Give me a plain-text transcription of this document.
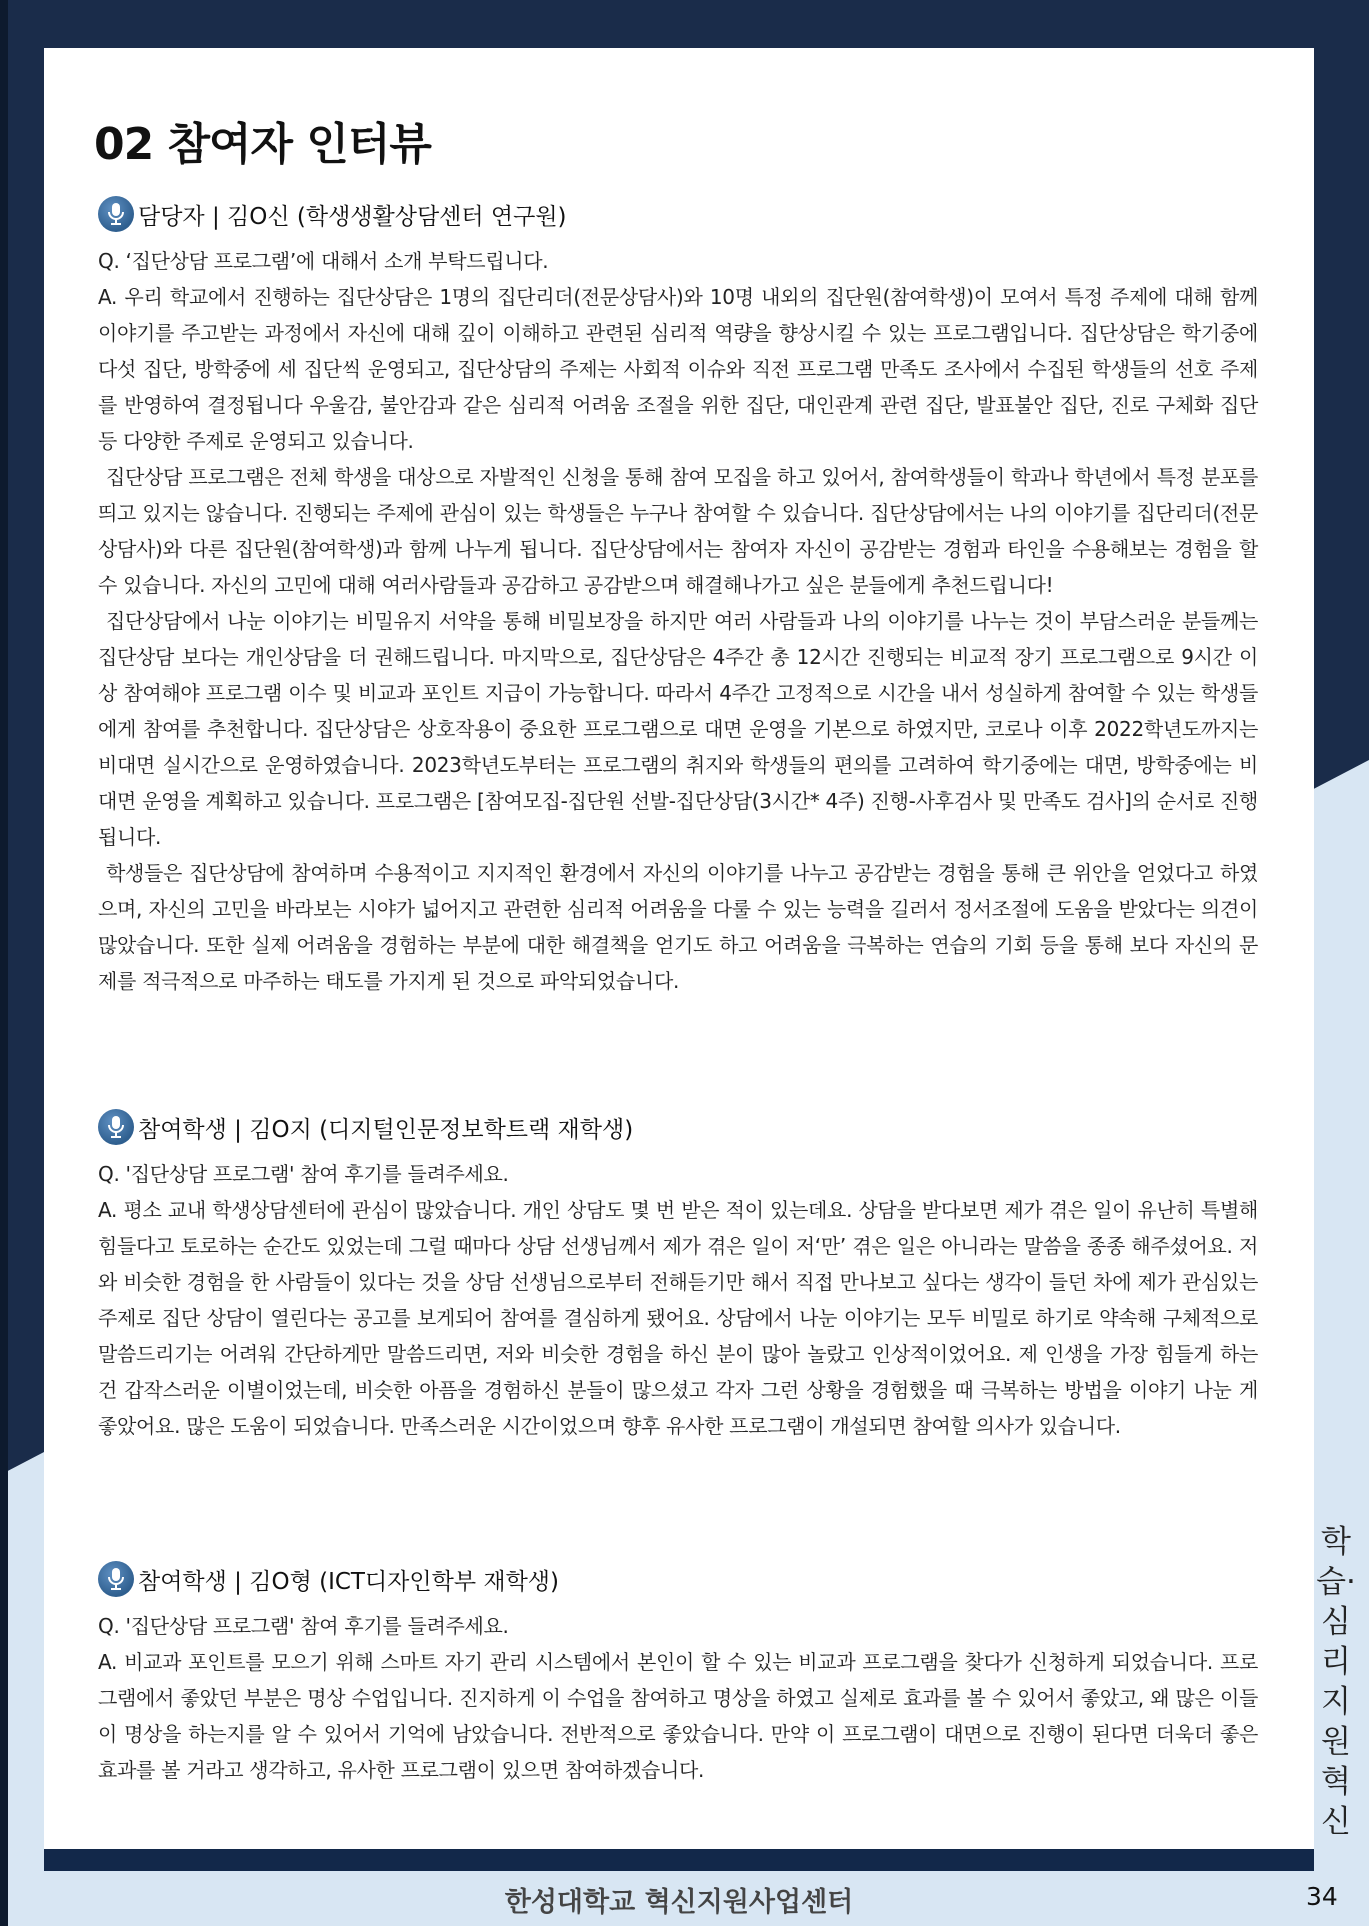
02 참여자 인터뷰
담당자 | 김O신 (학생생활상담센터 연구원)

Q. ‘집단상담 프로그램’에 대해서 소개 부탁드립니다.

A. 우리 학교에서 진행하는 집단상담은 1명의 집단리더(전문상담사)와 10명 내외의 집단원(참여학생)이 모여서 특정 주제에 대해 함께 이야기를 주고받는 과정에서 자신에 대해 깊이 이해하고 관련된 심리적 역량을 향상시킬 수 있는 프로그램입니다. 집단상담은 학기중에 다섯 집단, 방학중에 세 집단씩 운영되고, 집단상담의 주제는 사회적 이슈와 직전 프로그램 만족도 조사에서 수집된 학생들의 선호 주제를 반영하여 결정됩니다 우울감, 불안감과 같은 심리적 어려움 조절을 위한 집단, 대인관계 관련 집단, 발표불안 집단, 진로 구체화 집단 등 다양한 주제로 운영되고 있습니다.

집단상담 프로그램은 전체 학생을 대상으로 자발적인 신청을 통해 참여 모집을 하고 있어서, 참여학생들이 학과나 학년에서 특정 분포를 띄고 있지는 않습니다. 진행되는 주제에 관심이 있는 학생들은 누구나 참여할 수 있습니다. 집단상담에서는 나의 이야기를 집단리더(전문상담사)와 다른 집단원(참여학생)과 함께 나누게 됩니다. 집단상담에서는 참여자 자신이 공감받는 경험과 타인을 수용해보는 경험을 할 수 있습니다. 자신의 고민에 대해 여러사람들과 공감하고 공감받으며 해결해나가고 싶은 분들에게 추천드립니다!

집단상담에서 나눈 이야기는 비밀유지 서약을 통해 비밀보장을 하지만 여러 사람들과 나의 이야기를 나누는 것이 부담스러운 분들께는 집단상담 보다는 개인상담을 더 권해드립니다. 마지막으로, 집단상담은 4주간 총 12시간 진행되는 비교적 장기 프로그램으로 9시간 이상 참여해야 프로그램 이수 및 비교과 포인트 지급이 가능합니다. 따라서 4주간 고정적으로 시간을 내서 성실하게 참여할 수 있는 학생들에게 참여를 추천합니다. 집단상담은 상호작용이 중요한 프로그램으로 대면 운영을 기본으로 하였지만, 코로나 이후 2022학년도까지는 비대면 실시간으로 운영하였습니다. 2023학년도부터는 프로그램의 취지와 학생들의 편의를 고려하여 학기중에는 대면, 방학중에는 비대면 운영을 계획하고 있습니다. 프로그램은 [참여모집-집단원 선발-집단상담(3시간* 4주) 진행-사후검사 및 만족도 검사]의 순서로 진행됩니다.

학생들은 집단상담에 참여하며 수용적이고 지지적인 환경에서 자신의 이야기를 나누고 공감받는 경험을 통해 큰 위안을 얻었다고 하였으며, 자신의 고민을 바라보는 시야가 넓어지고 관련한 심리적 어려움을 다룰 수 있는 능력을 길러서 정서조절에 도움을 받았다는 의견이 많았습니다. 또한 실제 어려움을 경험하는 부분에 대한 해결책을 얻기도 하고 어려움을 극복하는 연습의 기회 등을 통해 보다 자신의 문제를 적극적으로 마주하는 태도를 가지게 된 것으로 파악되었습니다.

참여학생 | 김O지 (디지털인문정보학트랙 재학생)

Q. '집단상담 프로그램' 참여 후기를 들려주세요.

A. 평소 교내 학생상담센터에 관심이 많았습니다. 개인 상담도 몇 번 받은 적이 있는데요. 상담을 받다보면 제가 겪은 일이 유난히 특별해 힘들다고 토로하는 순간도 있었는데 그럴 때마다 상담 선생님께서 제가 겪은 일이 저‘만’ 겪은 일은 아니라는 말씀을 종종 해주셨어요. 저와 비슷한 경험을 한 사람들이 있다는 것을 상담 선생님으로부터 전해듣기만 해서 직접 만나보고 싶다는 생각이 들던 차에 제가 관심있는 주제로 집단 상담이 열린다는 공고를 보게되어 참여를 결심하게 됐어요. 상담에서 나눈 이야기는 모두 비밀로 하기로 약속해 구체적으로 말씀드리기는 어려워 간단하게만 말씀드리면, 저와 비슷한 경험을 하신 분이 많아 놀랐고 인상적이었어요. 제 인생을 가장 힘들게 하는 건 갑작스러운 이별이었는데, 비슷한 아픔을 경험하신 분들이 많으셨고 각자 그런 상황을 경험했을 때 극복하는 방법을 이야기 나눈 게 좋았어요. 많은 도움이 되었습니다. 만족스러운 시간이었으며 향후 유사한 프로그램이 개설되면 참여할 의사가 있습니다.

참여학생 | 김O형 (ICT디자인학부 재학생)

Q. '집단상담 프로그램' 참여 후기를 들려주세요.

A. 비교과 포인트를 모으기 위해 스마트 자기 관리 시스템에서 본인이 할 수 있는 비교과 프로그램을 찾다가 신청하게 되었습니다. 프로그램에서 좋았던 부분은 명상 수업입니다. 진지하게 이 수업을 참여하고 명상을 하였고 실제로 효과를 볼 수 있어서 좋았고, 왜 많은 이들이 명상을 하는지를 알 수 있어서 기억에 남았습니다. 전반적으로 좋았습니다. 만약 이 프로그램이 대면으로 진행이 된다면 더욱더 좋은 효과를 볼 거라고 생각하고, 유사한 프로그램이 있으면 참여하겠습니다.

한성대학교 혁신지원사업센터	34
학습·심리지원혁신
